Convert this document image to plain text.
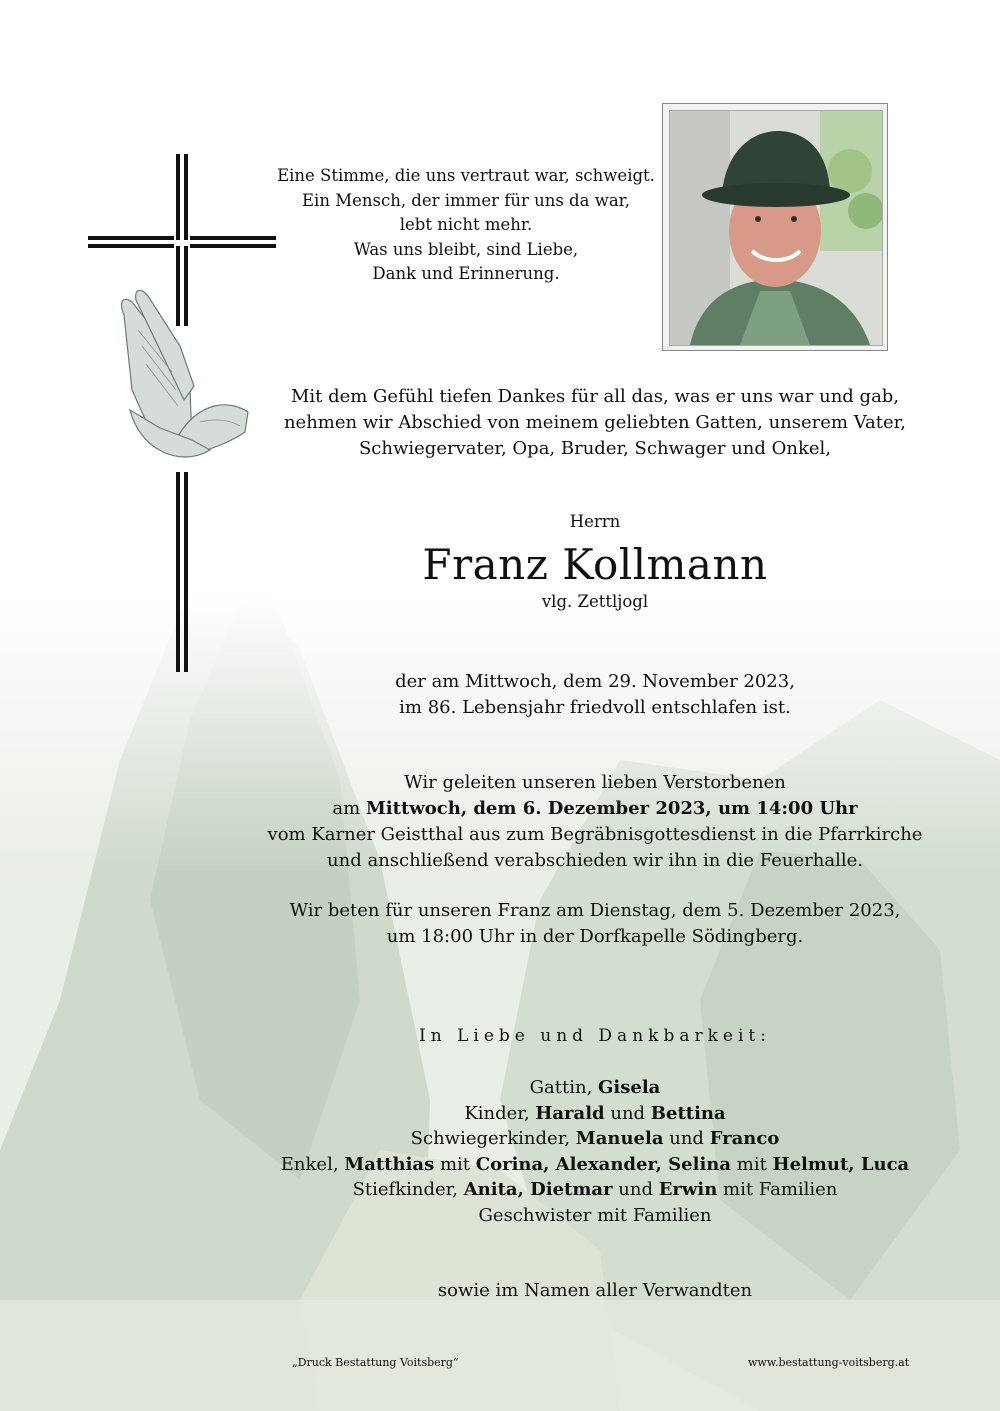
Eine Stimme, die uns vertraut war, schweigt.
Ein Mensch, der immer für uns da war,
lebt nicht mehr.
Was uns bleibt, sind Liebe,
Dank und Erinnerung.
Mit dem Gefühl tiefen Dankes für all das, was er uns war und gab,
nehmen wir Abschied von meinem geliebten Gatten, unserem Vater,
Schwiegervater, Opa, Bruder, Schwager und Onkel,
Herrn
Franz Kollmann
vlg. Zettljogl
der am Mittwoch, dem 29. November 2023,
im 86. Lebensjahr friedvoll entschlafen ist.
Wir geleiten unseren lieben Verstorbenen
am Mittwoch, dem 6. Dezember 2023, um 14:00 Uhr
vom Karner Geistthal aus zum Begräbnisgottesdienst in die Pfarrkirche
und anschließend verabschieden wir ihn in die Feuerhalle.
Wir beten für unseren Franz am Dienstag, dem 5. Dezember 2023,
um 18:00 Uhr in der Dorfkapelle Södingberg.
In Liebe und Dankbarkeit:
Gattin, Gisela
Kinder, Harald und Bettina
Schwiegerkinder, Manuela und Franco
Enkel, Matthias mit Corina, Alexander, Selina mit Helmut, Luca
Stiefkinder, Anita, Dietmar und Erwin mit Familien
Geschwister mit Familien
sowie im Namen aller Verwandten
„Druck Bestattung Voitsberg“	www.bestattung-voitsberg.at
